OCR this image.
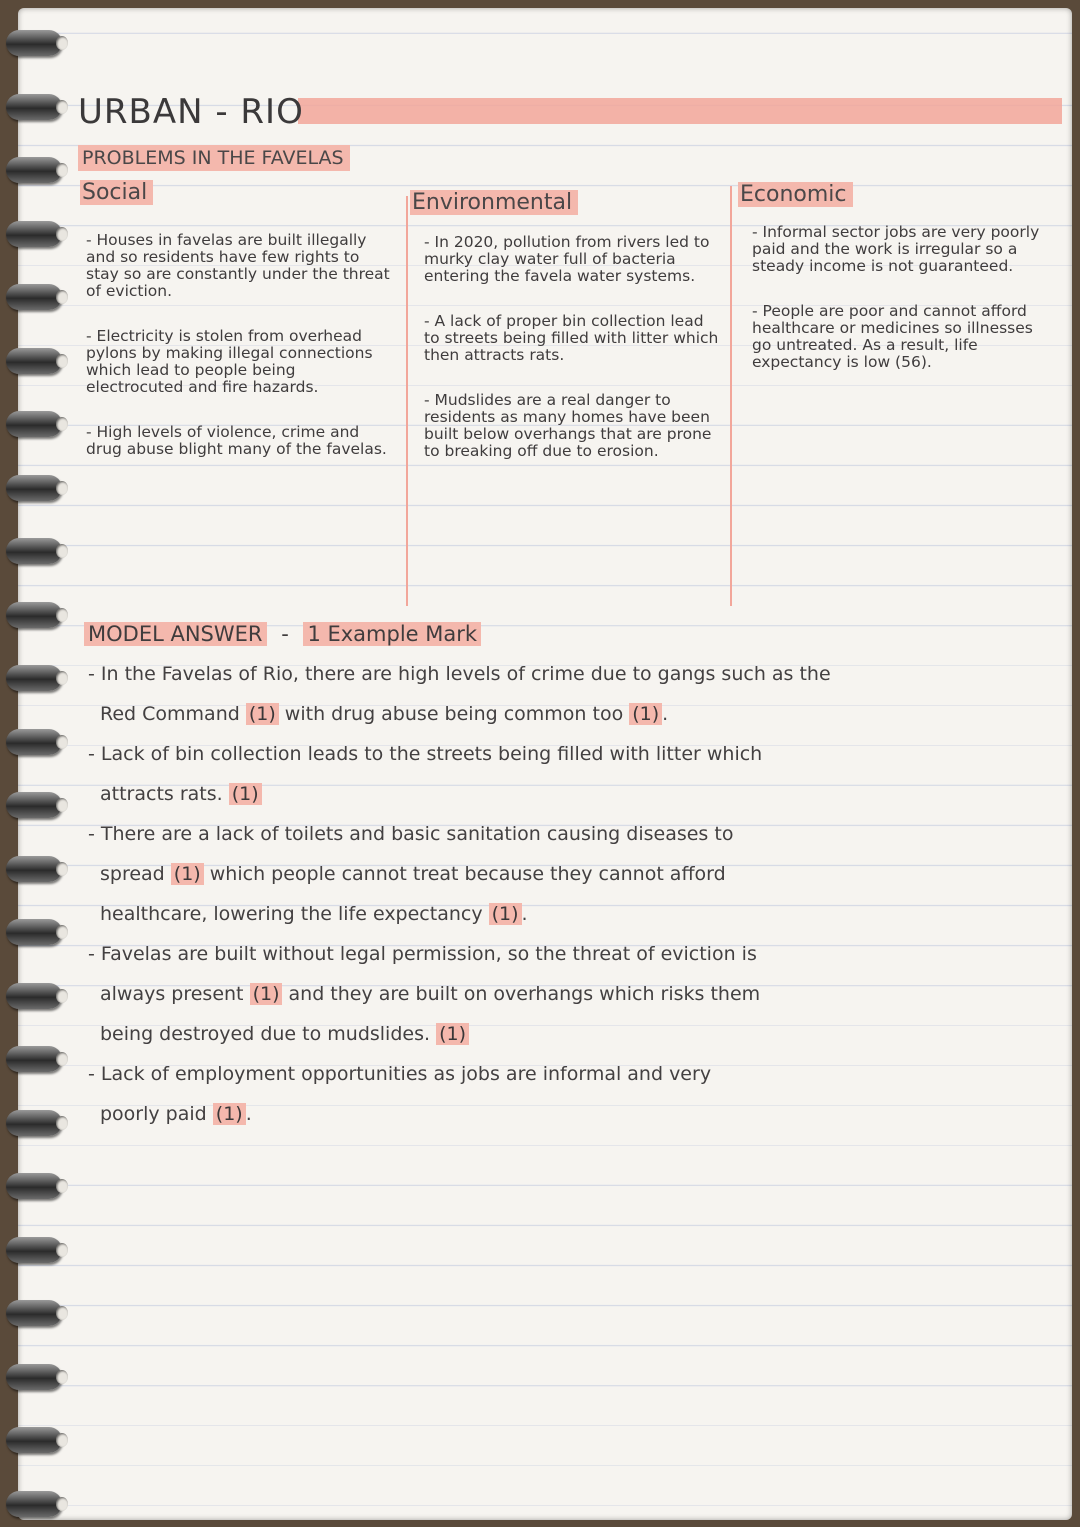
URBAN - RIO
PROBLEMS IN THE FAVELAS
Social	Environmental	Economic

- Houses in favelas are built illegally and so residents have few rights to stay so are constantly under the threat of eviction.

- Electricity is stolen from overhead pylons by making illegal connections which lead to people being electrocuted and fire hazards.

- High levels of violence, crime and drug abuse blight many of the favelas.

- In 2020, pollution from rivers led to murky clay water full of bacteria entering the favela water systems.

- A lack of proper bin collection lead to streets being filled with litter which then attracts rats.

- Mudslides are a real danger to residents as many homes have been built below overhangs that are prone to breaking off due to erosion.

- Informal sector jobs are very poorly paid and the work is irregular so a steady income is not guaranteed.

- People are poor and cannot afford healthcare or medicines so illnesses go untreated. As a result, life expectancy is low (56).

MODEL ANSWER - 1 Example Mark

- In the Favelas of Rio, there are high levels of crime due to gangs such as the

Red Command (1) with drug abuse being common too (1) .

- Lack of bin collection leads to the streets being filled with litter which

attracts rats. (1)

- There are a lack of toilets and basic sanitation causing diseases to

spread (1) which people cannot treat because they cannot afford

healthcare, lowering the life expectancy (1) .

- Favelas are built without legal permission, so the threat of eviction is

always present (1) and they are built on overhangs which risks them

being destroyed due to mudslides. (1)

- Lack of employment opportunities as jobs are informal and very

poorly paid (1) .
